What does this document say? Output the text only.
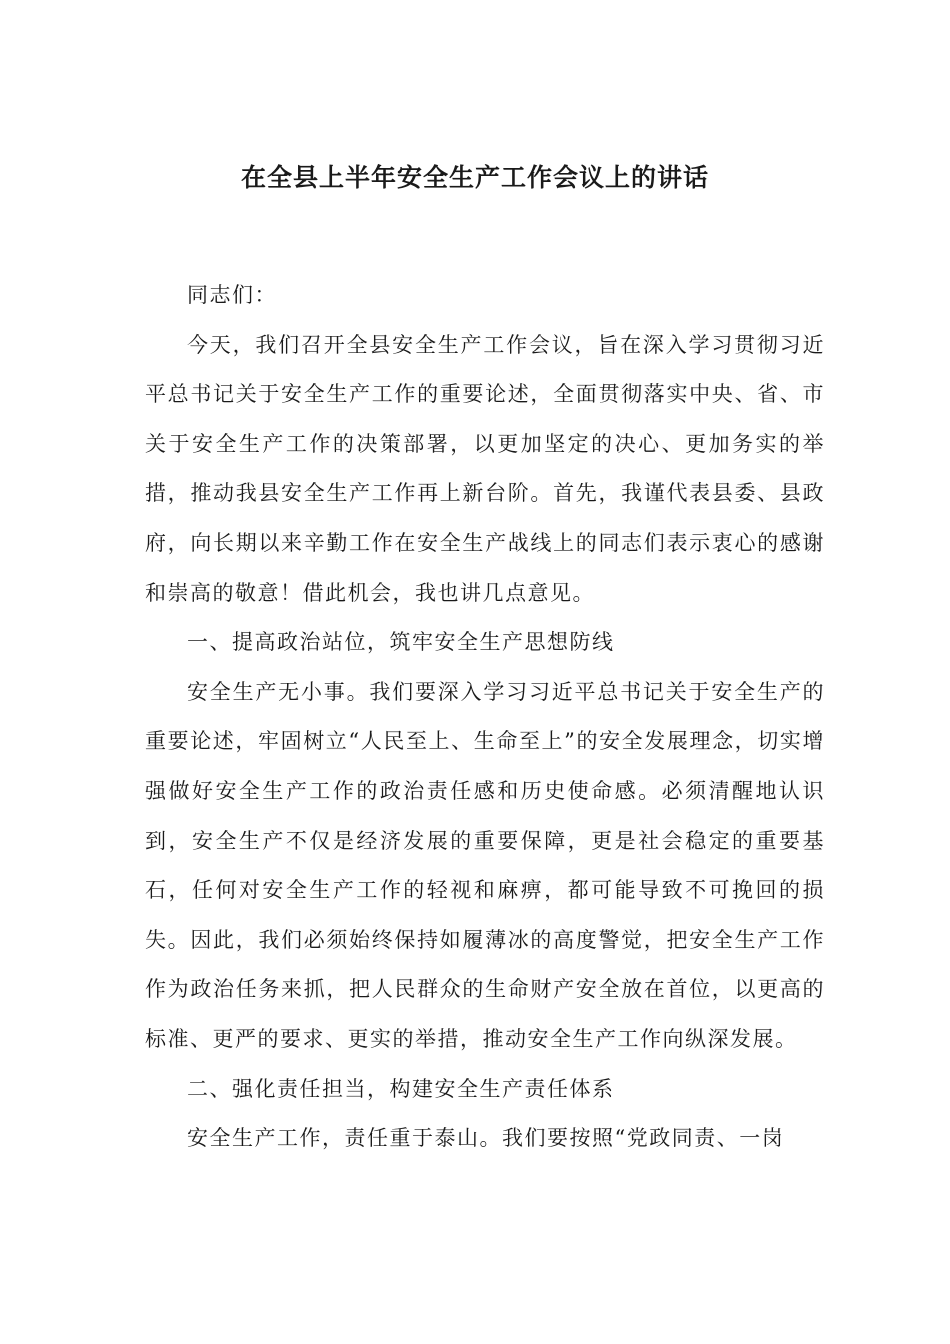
在全县上半年安全生产工作会议上的讲话

同志们：

今天，我们召开全县安全生产工作会议，旨在深入学习贯彻习近平总书记关于安全生产工作的重要论述，全面贯彻落实中央、省、市关于安全生产工作的决策部署，以更加坚定的决心、更加务实的举措，推动我县安全生产工作再上新台阶。首先，我谨代表县委、县政府，向长期以来辛勤工作在安全生产战线上的同志们表示衷心的感谢和崇高的敬意！借此机会，我也讲几点意见。

一、提高政治站位，筑牢安全生产思想防线

安全生产无小事。我们要深入学习习近平总书记关于安全生产的重要论述，牢固树立“人民至上、生命至上”的安全发展理念，切实增强做好安全生产工作的政治责任感和历史使命感。必须清醒地认识到，安全生产不仅是经济发展的重要保障，更是社会稳定的重要基石，任何对安全生产工作的轻视和麻痹，都可能导致不可挽回的损失。因此，我们必须始终保持如履薄冰的高度警觉，把安全生产工作作为政治任务来抓，把人民群众的生命财产安全放在首位，以更高的标准、更严的要求、更实的举措，推动安全生产工作向纵深发展。

二、强化责任担当，构建安全生产责任体系

安全生产工作，责任重于泰山。我们要按照“党政同责、一岗
